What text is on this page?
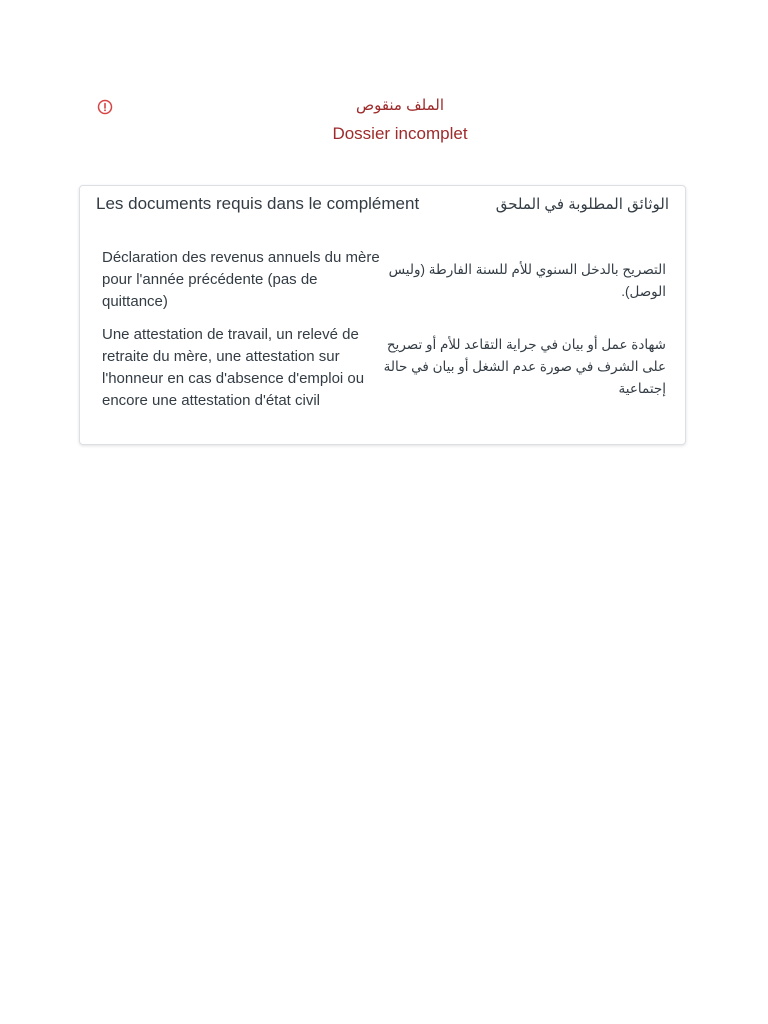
الملف منقوص
Dossier incomplet
Les documents requis dans le complément	الوثائق المطلوبة في الملحق
Déclaration des revenus annuels du mère pour l'année précédente (pas de quittance)
التصريح بالدخل السنوي للأم للسنة الفارطة (وليس الوصل).
Une attestation de travail, un relevé de retraite du mère, une attestation sur l'honneur en cas d'absence d'emploi ou encore une attestation d'état civil
شهادة عمل أو بيان في جراية التقاعد للأم أو تصريح على الشرف في صورة عدم الشغل أو بيان في حالة إجتماعية
